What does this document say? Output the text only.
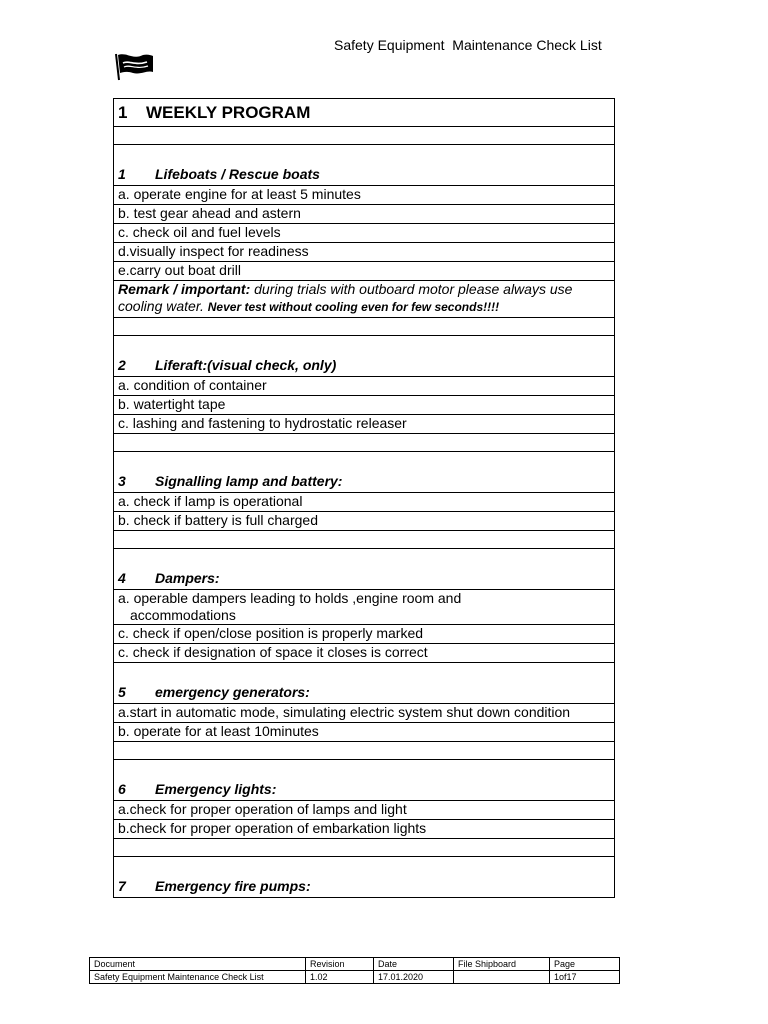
Safety Equipment  Maintenance Check List
1 WEEKLY PROGRAM

1 Lifeboats / Rescue boats
a. operate engine for at least 5 minutes
b. test gear ahead and astern
c. check oil and fuel levels
d.visually inspect for readiness
e.carry out boat drill
Remark / important: during trials with outboard motor please always use cooling water. Never test without cooling even for few seconds!!!!

2 Liferaft:(visual check, only)
a. condition of container
b. watertight tape
c. lashing and fastening to hydrostatic releaser

3 Signalling lamp and battery:
a. check if lamp is operational
b. check if battery is full charged

4 Dampers:
a. operable dampers leading to holds ,engine room and
accommodations

c. check if open/close position is properly marked
c. check if designation of space it closes is correct
5 emergency generators:
a.start in automatic mode, simulating electric system shut down condition
b. operate for at least 10minutes

6 Emergency lights:
a.check for proper operation of lamps and light
b.check for proper operation of embarkation lights

7 Emergency fire pumps:
Document	Revision	Date	File Shipboard	Page
Safety Equipment Maintenance Check List	1.02	17.01.2020		1of17
